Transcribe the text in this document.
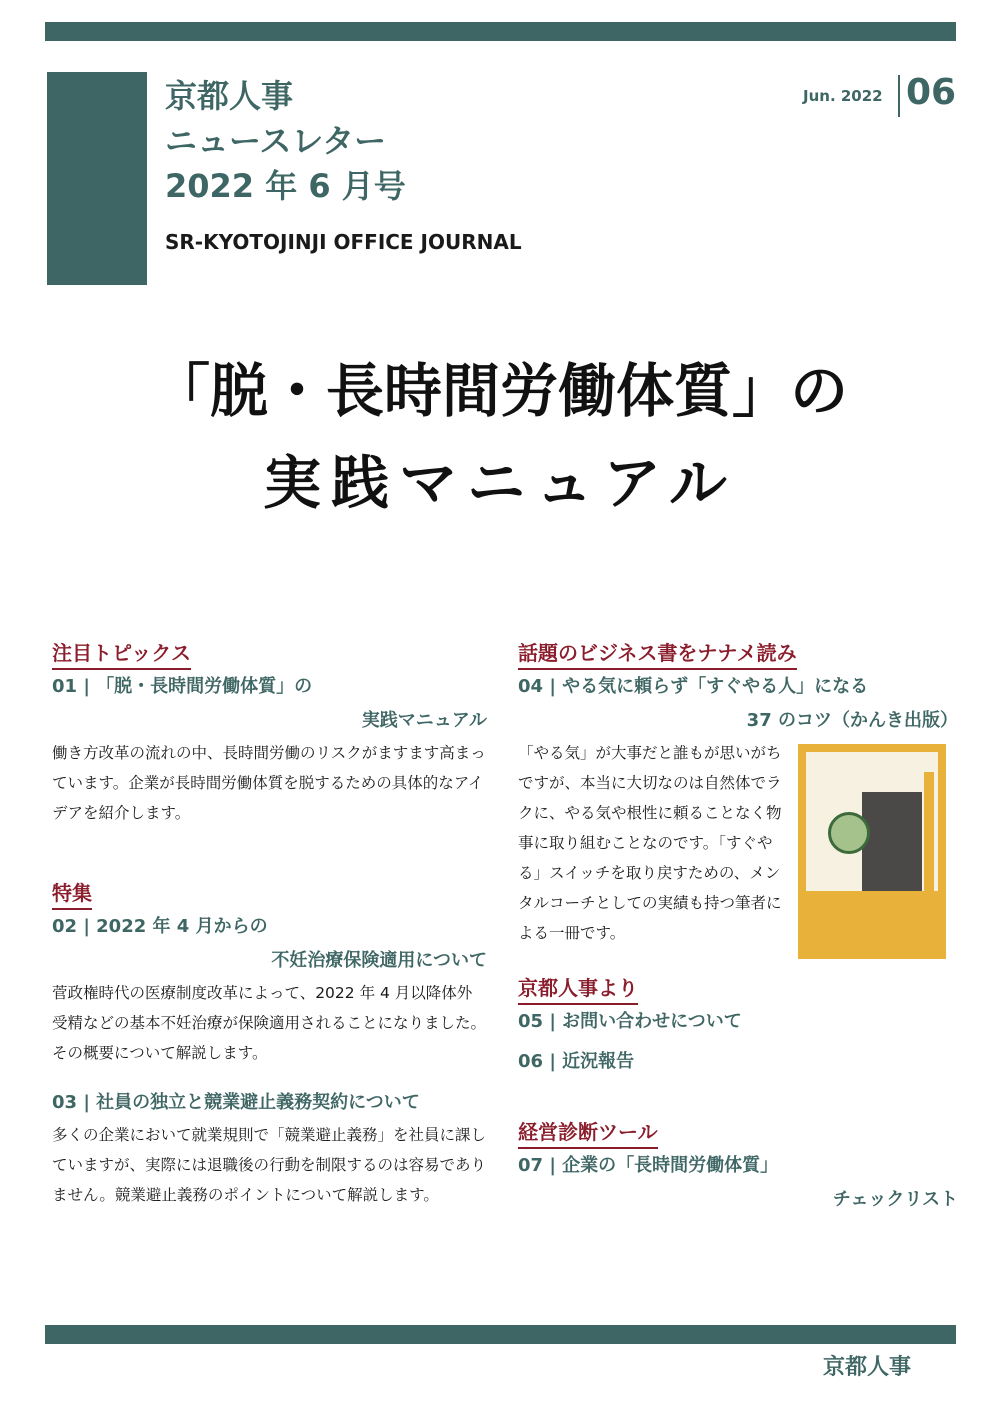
京都人事
ニュースレター
2022 年 6 月号
SR-KYOTOJINJI OFFICE JOURNAL
Jun. 2022 06
「脱・長時間労働体質」の
実践マニュアル
注目トピックス
01 | 「脱・長時間労働体質」の
実践マニュアル
働き方改革の流れの中、長時間労働のリスクがますます高まっています。企業が長時間労働体質を脱するための具体的なアイデアを紹介します。
特集
02 | 2022 年 4 月からの
不妊治療保険適用について
菅政権時代の医療制度改革によって、2022 年 4 月以降体外受精などの基本不妊治療が保険適用されることになりました。その概要について解説します。
03 | 社員の独立と競業避止義務契約について
多くの企業において就業規則で「競業避止義務」を社員に課していますが、実際には退職後の行動を制限するのは容易でありません。競業避止義務のポイントについて解説します。
話題のビジネス書をナナメ読み
04 | やる気に頼らず「すぐやる人」になる
37 のコツ（かんき出版）
「やる気」が大事だと誰もが思いがちですが、本当に大切なのは自然体でラクに、やる気や根性に頼ることなく物事に取り組むことなのです。「すぐやる」スイッチを取り戻すための、メンタルコーチとしての実績も持つ筆者による一冊です。
京都人事より
05 | お問い合わせについて
06 | 近況報告
経営診断ツール
07 | 企業の「長時間労働体質」
チェックリスト
京都人事
